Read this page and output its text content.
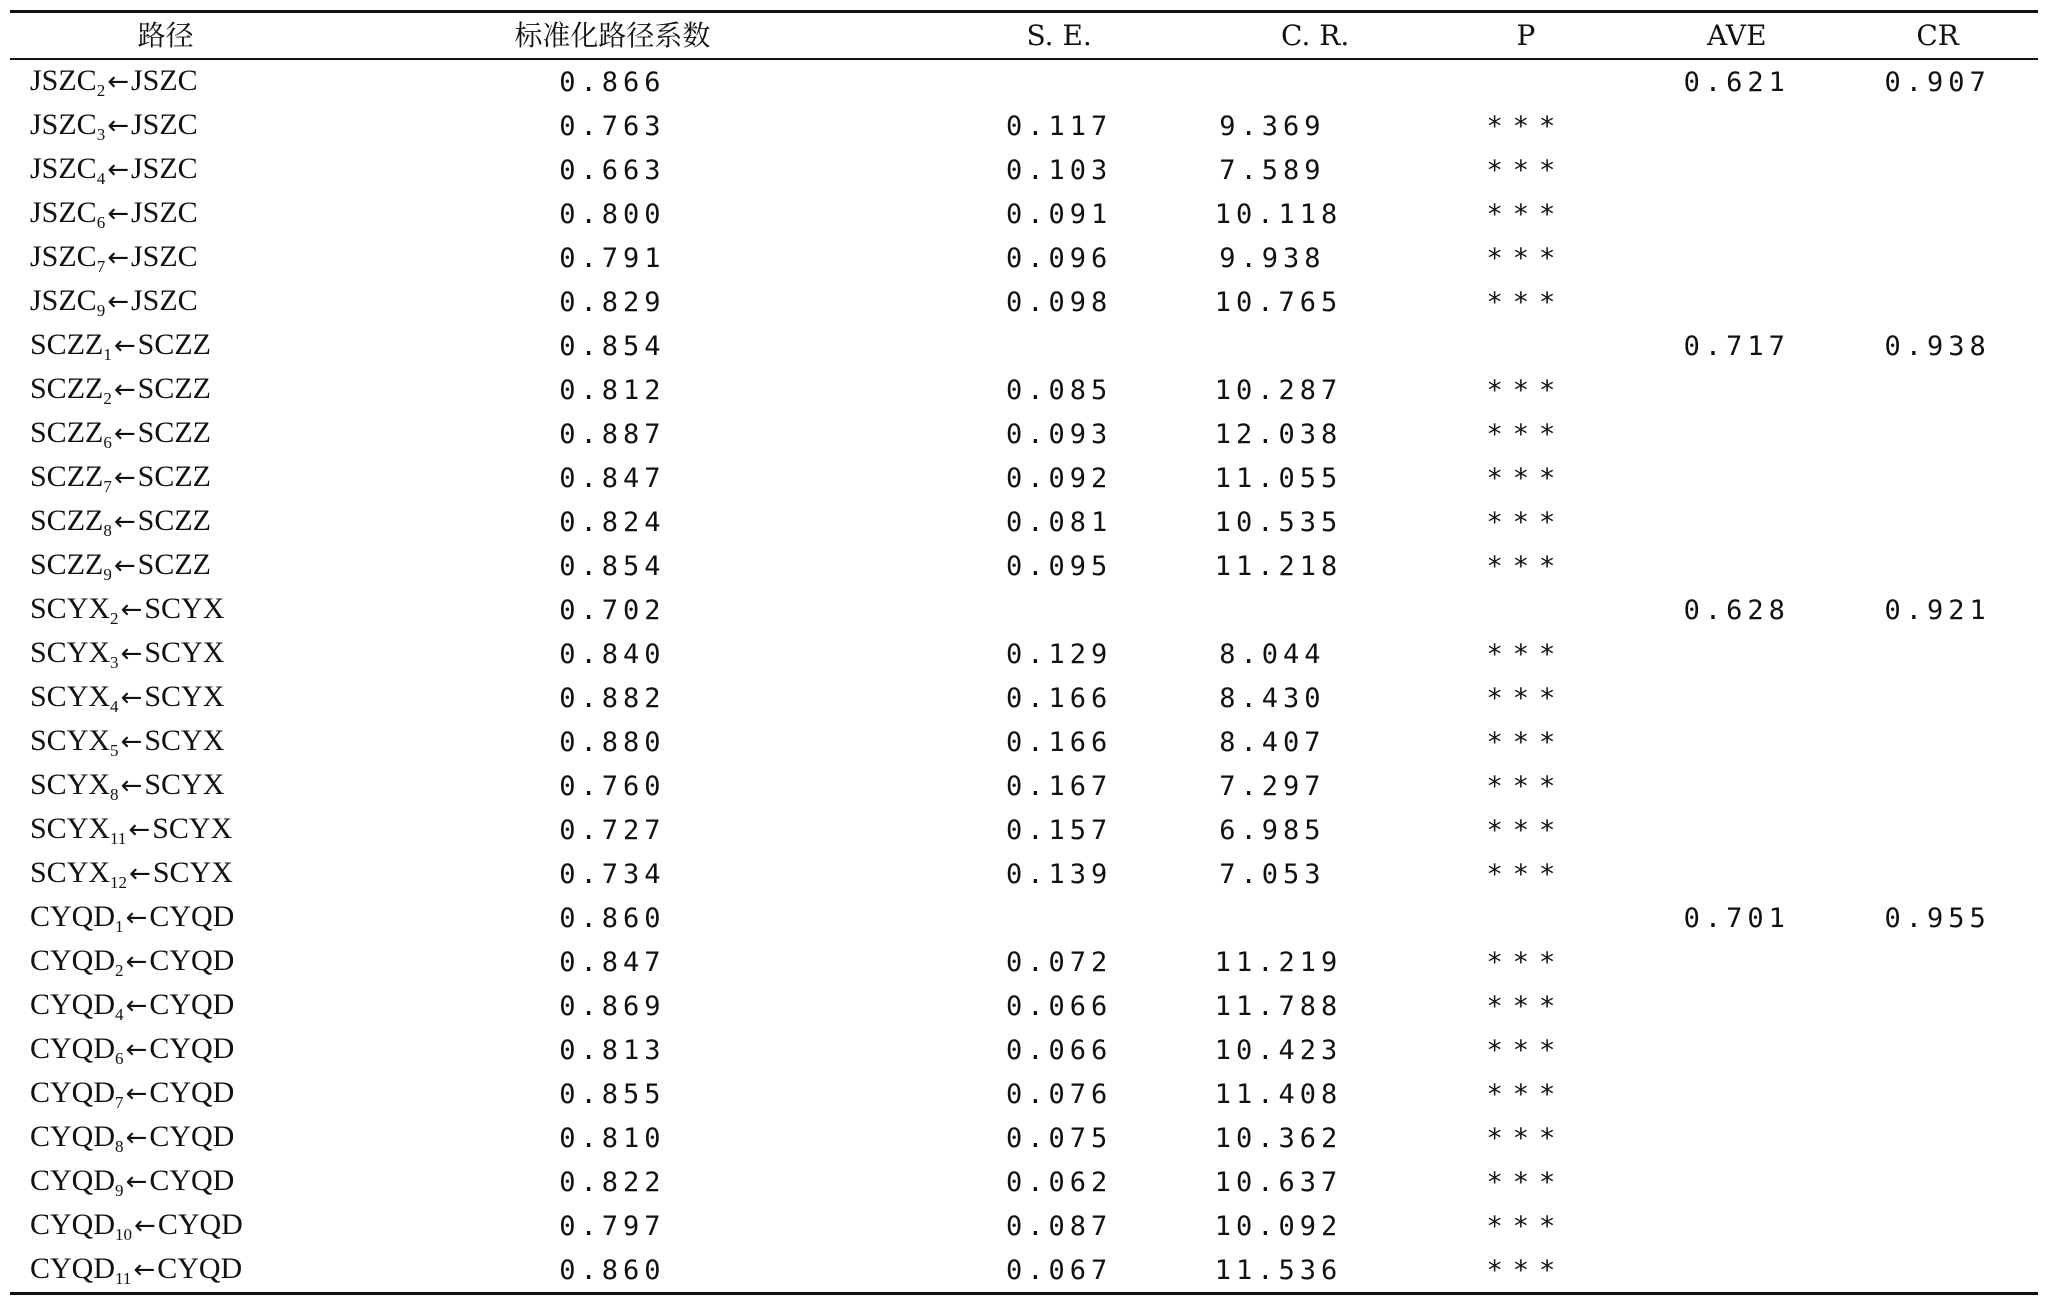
路径	标准化路径系数	S. E.	C. R.	P	AVE	CR
$JSZC_2\leftarrow JSZC$	0.866				0.621	0.907
$JSZC_3\leftarrow JSZC$	0.763	0.117	9.369	***		
$JSZC_4\leftarrow JSZC$	0.663	0.103	7.589	***		
$JSZC_6\leftarrow JSZC$	0.800	0.091	10.118	***		
$JSZC_7\leftarrow JSZC$	0.791	0.096	9.938	***		
$JSZC_9\leftarrow JSZC$	0.829	0.098	10.765	***		
$SCZZ_1\leftarrow SCZZ$	0.854				0.717	0.938
$SCZZ_2\leftarrow SCZZ$	0.812	0.085	10.287	***		
$SCZZ_6\leftarrow SCZZ$	0.887	0.093	12.038	***		
$SCZZ_7\leftarrow SCZZ$	0.847	0.092	11.055	***		
$SCZZ_8\leftarrow SCZZ$	0.824	0.081	10.535	***		
$SCZZ_9\leftarrow SCZZ$	0.854	0.095	11.218	***		
$SCYX_2\leftarrow SCYX$	0.702				0.628	0.921
$SCYX_3\leftarrow SCYX$	0.840	0.129	8.044	***		
$SCYX_4\leftarrow SCYX$	0.882	0.166	8.430	***		
$SCYX_5\leftarrow SCYX$	0.880	0.166	8.407	***		
$SCYX_8\leftarrow SCYX$	0.760	0.167	7.297	***		
$SCYX_{11}\leftarrow SCYX$	0.727	0.157	6.985	***		
$SCYX_{12}\leftarrow SCYX$	0.734	0.139	7.053	***		
$CYQD_1\leftarrow CYQD$	0.860				0.701	0.955
$CYQD_2\leftarrow CYQD$	0.847	0.072	11.219	***		
$CYQD_4\leftarrow CYQD$	0.869	0.066	11.788	***		
$CYQD_6\leftarrow CYQD$	0.813	0.066	10.423	***		
$CYQD_7\leftarrow CYQD$	0.855	0.076	11.408	***		
$CYQD_8\leftarrow CYQD$	0.810	0.075	10.362	***		
$CYQD_9\leftarrow CYQD$	0.822	0.062	10.637	***		
$CYQD_{10}\leftarrow CYQD$	0.797	0.087	10.092	***		
$CYQD_{11}\leftarrow CYQD$	0.860	0.067	11.536	***		
